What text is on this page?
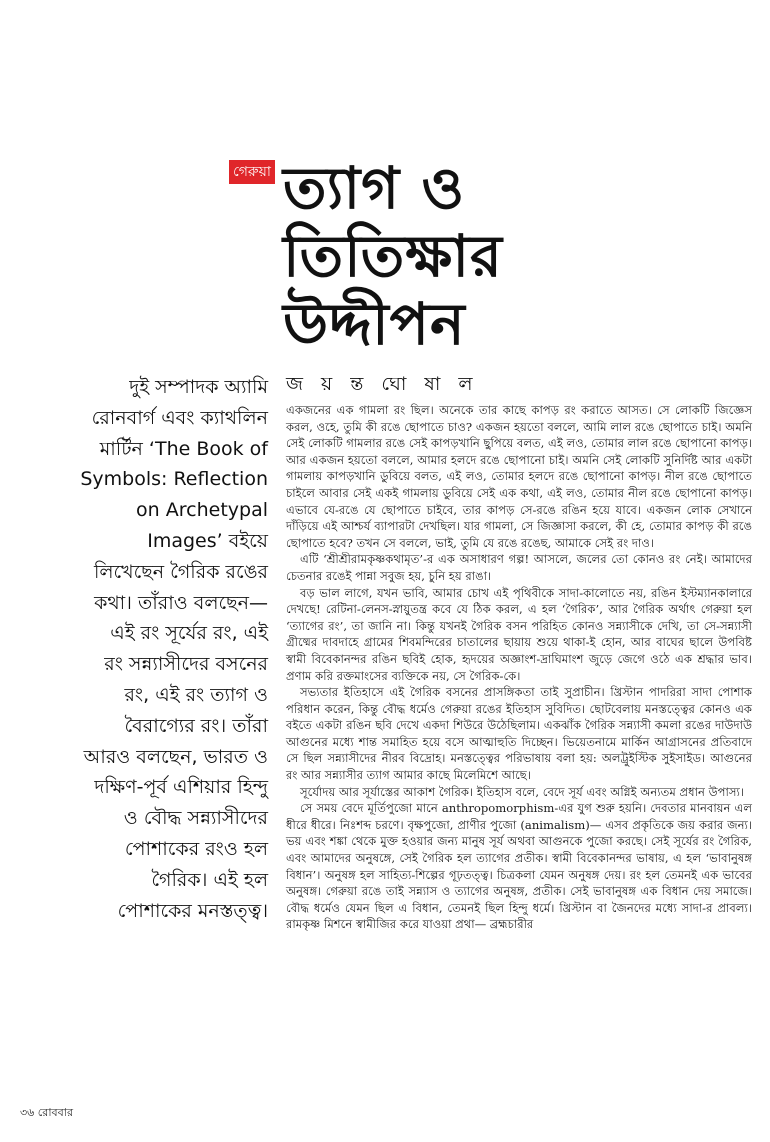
গেরুয়া ত্যাগ ও
তিতিক্ষার
উদ্দীপন
জ য় ন্ত ঘো ষা ল
দুই সম্পাদক অ্যামি
রোনবার্গ এবং ক্যাথলিন
মার্টিন ‘The Book of
Symbols: Reflection
on Archetypal
Images’ বইয়ে
লিখেছেন গৈরিক রঙের
কথা। তাঁরাও বলছেন—
এই রং সূর্যের রং, এই
রং সন্ন্যাসীদের বসনের
রং, এই রং ত্যাগ ও
বৈরাগ্যের রং। তাঁরা
আরও বলছেন, ভারত ও
দক্ষিণ-পূর্ব এশিয়ার হিন্দু
ও বৌদ্ধ সন্ন্যাসীদের
পোশাকের রংও হল
গৈরিক। এই হল
পোশাকের মনস্তত্ত্ব।

একজনের এক গামলা রং ছিল। অনেকে তার কাছে কাপড় রং করাতে আসত। সে লোকটি জিজ্ঞেস করল, ওহে, তুমি কী রঙে ছোপাতে চাও? একজন হয়তো বললে, আমি লাল রঙে ছোপাতে চাই। অমনি সেই লোকটি গামলার রঙে সেই কাপড়খানি ছুপিয়ে বলত, এই লও, তোমার লাল রঙে ছোপানো কাপড়। আর একজন হয়তো বললে, আমার হলদে রঙে ছোপানো চাই। অমনি সেই লোকটি সুনির্দিষ্ট আর একটা গামলায় কাপড়খানি ডুবিয়ে বলত, এই লও, তোমার হলদে রঙে ছোপানো কাপড়। নীল রঙে ছোপাতে চাইলে আবার সেই একই গামলায় ডুবিয়ে সেই এক কথা, এই লও, তোমার নীল রঙে ছোপানো কাপড়। এভাবে যে-রঙে যে ছোপাতে চাইবে, তার কাপড় সে-রঙে রঙিন হয়ে যাবে। একজন লোক সেখানে দাঁড়িয়ে এই আশ্চর্য ব্যাপারটা দেখছিল। যার গামলা, সে জিজ্ঞাসা করলে, কী হে, তোমার কাপড় কী রঙে ছোপাতে হবে? তখন সে বললে, ভাই, তুমি যে রঙে রঙেছ, আমাকে সেই রং দাও।

এটি ‘শ্রীশ্রীরামকৃষ্ণকথামৃত’-র এক অসাধারণ গল্প! আসলে, জলের তো কোনও রং নেই। আমাদের চেতনার রঙেই পান্না সবুজ হয়, চুনি হয় রাঙা।

বড় ভাল লাগে, যখন ভাবি, আমার চোখ এই পৃথিবীকে সাদা-কালোতে নয়, রঙিন ইস্টম্যানকালারে দেখছে! রেটিনা-লেনস-স্নায়ুতন্ত্র কবে যে ঠিক করল, এ হল ‘গৈরিক’, আর গৈরিক অর্থাৎ গেরুয়া হল ‘ত্যাগের রং’, তা জানি না। কিন্তু যখনই গৈরিক বসন পরিহিত কোনও সন্ন্যাসীকে দেখি, তা সে-সন্ন্যাসী গ্রীষ্মের দাবদাহে গ্রামের শিবমন্দিরের চাতালের ছায়ায় শুয়ে থাকা-ই হোন, আর বাঘের ছালে উপবিষ্ট স্বামী বিবেকানন্দর রঙিন ছবিই হোক, হৃদয়ের অজ্ঞাংশ-দ্রাঘিমাংশ জুড়ে জেগে ওঠে এক শ্রদ্ধার ভাব। প্রণাম করি রক্তমাংসের ব্যক্তিকে নয়, সে গৈরিক-কে।

সভ্যতার ইতিহাসে এই গৈরিক বসনের প্রাসঙ্গিকতা তাই সুপ্রাচীন। খ্রিস্টান পাদরিরা সাদা পোশাক পরিধান করেন, কিন্তু বৌদ্ধ ধর্মেও গেরুয়া রঙের ইতিহাস সুবিদিত। ছোটবেলায় মনস্তত্ত্বের কোনও এক বইতে একটা রঙিন ছবি দেখে একদা শিউরে উঠেছিলাম। একঝাঁক গৈরিক সন্ন্যাসী কমলা রঙের দাউদাউ আগুনের মধ্যে শান্ত সমাহিত হয়ে বসে আত্মাহুতি দিচ্ছেন। ভিয়েতনামে মার্কিন আগ্রাসনের প্রতিবাদে সে ছিল সন্ন্যাসীদের নীরব বিদ্রোহ। মনস্তত্ত্বের পরিভাষায় বলা হয়: অলট্রুইস্টিক সুইসাইড। আগুনের রং আর সন্ন্যাসীর ত্যাগ আমার কাছে মিলেমিশে আছে।

সূর্যোদয় আর সূর্যাস্তের আকাশ গৈরিক। ইতিহাস বলে, বেদে সূর্য এবং অগ্নিই অন্যতম প্রধান উপাস্য।

সে সময় বেদে মূর্তিপুজো মানে anthropomorphism-এর যুগ শুরু হয়নি। দেবতার মানবায়ন এল ধীরে ধীরে। নিঃশব্দ চরণে। বৃক্ষপুজো, প্রাণীর পুজো (animalism)— এসব প্রকৃতিকে জয় করার জন্য। ভয় এবং শঙ্কা থেকে মুক্ত হওয়ার জন্য মানুষ সূর্য অথবা আগুনকে পুজো করছে। সেই সূর্যের রং গৈরিক, এবং আমাদের অনুষঙ্গে, সেই গৈরিক হল ত্যাগের প্রতীক। স্বামী বিবেকানন্দর ভাষায়, এ হল ‘ভাবানুষঙ্গ বিধান’। অনুষঙ্গ হল সাহিত্য-শিল্পের গূঢ়তত্ত্ব। চিত্রকলা যেমন অনুষঙ্গ দেয়। রং হল তেমনই এক ভাবের অনুষঙ্গ। গেরুয়া রঙে তাই সন্ন্যাস ও ত্যাগের অনুষঙ্গ, প্রতীক। সেই ভাবানুষঙ্গ এক বিধান দেয় সমাজে। বৌদ্ধ ধর্মেও যেমন ছিল এ বিধান, তেমনই ছিল হিন্দু ধর্মে। খ্রিস্টান বা জৈনদের মধ্যে সাদা-র প্রাবল্য। রামকৃষ্ণ মিশনে স্বামীজির করে যাওয়া প্রথা— ব্রহ্মচারীর

৩৬ রোববার
